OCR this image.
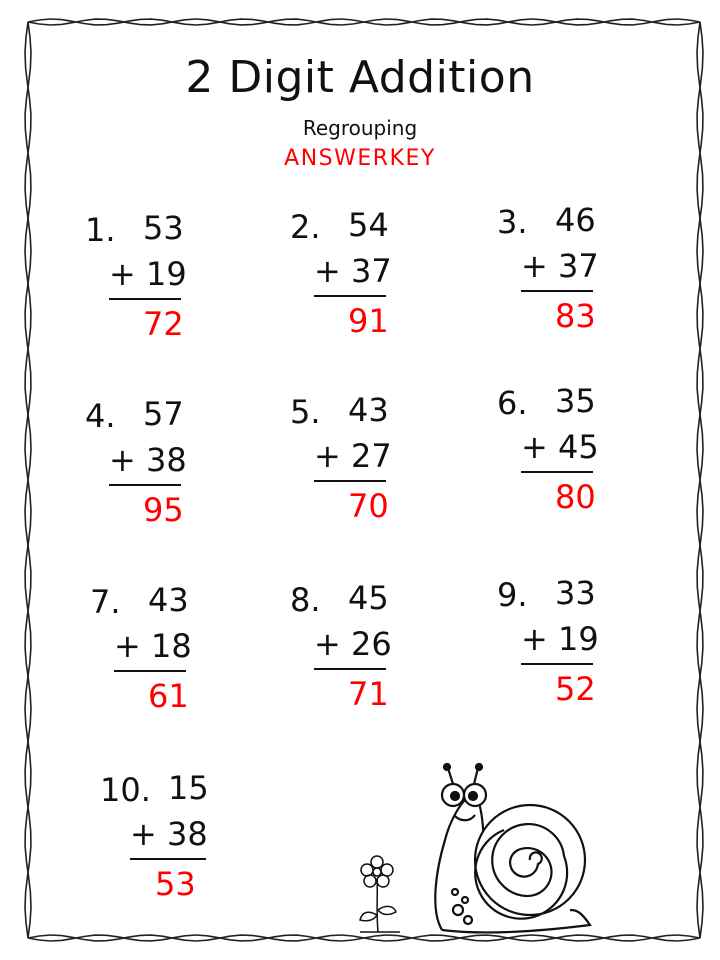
2 Digit Addition
Regrouping
ANSWERKEY
1. 53
+ 19
72
2. 54
+ 37
91
3. 46
+ 37
83
4. 57
+ 38
95
5. 43
+ 27
70
6. 35
+ 45
80
7. 43
+ 18
61
8. 45
+ 26
71
9. 33
+ 19
52
10. 15
+ 38
53
